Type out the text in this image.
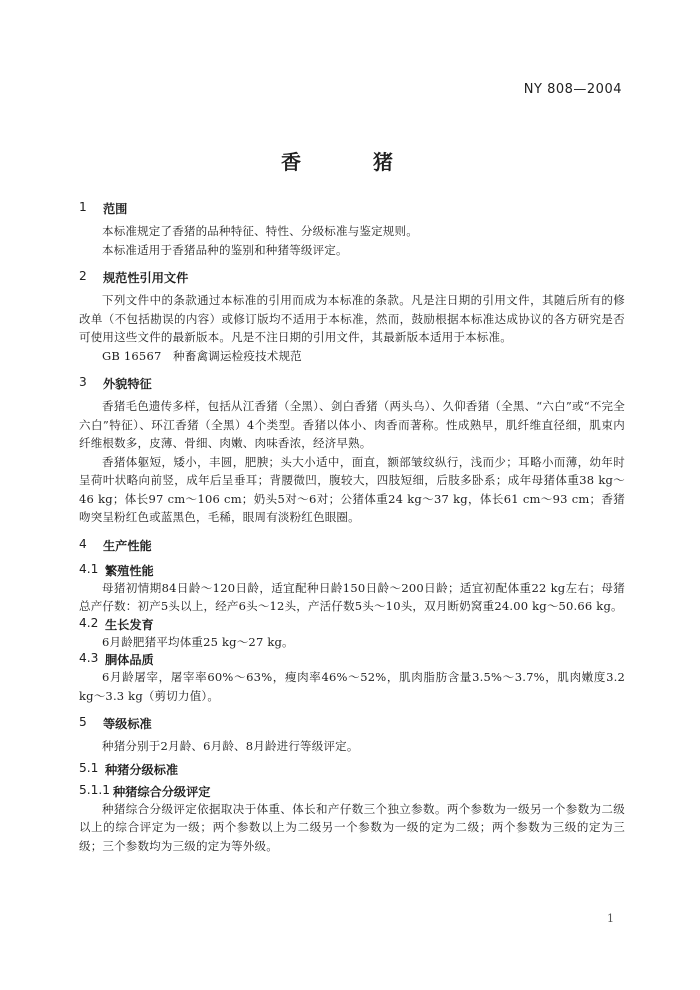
NY 808—2004
香　猪
1	范围

本标准规定了香猪的品种特征、特性、分级标准与鉴定规则。

本标准适用于香猪品种的鉴别和种猪等级评定。

2	规范性引用文件

下列文件中的条款通过本标准的引用而成为本标准的条款。凡是注日期的引用文件，其随后所有的修改单（不包括勘误的内容）或修订版均不适用于本标准，然而，鼓励根据本标准达成协议的各方研究是否可使用这些文件的最新版本。凡是不注日期的引用文件，其最新版本适用于本标准。

GB 16567　种畜禽调运检疫技术规范

3	外貌特征

香猪毛色遗传多样，包括从江香猪（全黑）、剑白香猪（两头乌）、久仰香猪（全黑、“六白”或“不完全六白”特征）、环江香猪（全黑）4个类型。香猪以体小、肉香而著称。性成熟早，肌纤维直径细，肌束内纤维根数多，皮薄、骨细、肉嫩、肉味香浓，经济早熟。

香猪体躯短，矮小，丰圆，肥腴；头大小适中，面直，额部皱纹纵行，浅而少；耳略小而薄，幼年时呈荷叶状略向前竖，成年后呈垂耳；背腰微凹，腹较大，四肢短细，后肢多卧系；成年母猪体重38 kg～46 kg；体长97 cm～106 cm；奶头5对～6对；公猪体重24 kg～37 kg，体长61 cm～93 cm；香猪吻突呈粉红色或蓝黑色，毛稀，眼周有淡粉红色眼圈。

4	生产性能
4.1 繁殖性能

母猪初情期84日龄～120日龄，适宜配种日龄150日龄～200日龄；适宜初配体重22 kg左右；母猪总产仔数：初产5头以上，经产6头～12头，产活仔数5头～10头，双月断奶窝重24.00 kg～50.66 kg。

4.2 生长发育

6月龄肥猪平均体重25 kg～27 kg。

4.3 胴体品质

6月龄屠宰，屠宰率60%～63%，瘦肉率46%～52%，肌肉脂肪含量3.5%～3.7%，肌肉嫩度3.2 kg～3.3 kg（剪切力值）。

5	等级标准

种猪分别于2月龄、6月龄、8月龄进行等级评定。

5.1 种猪分级标准
5.1.1 种猪综合分级评定

种猪综合分级评定依据取决于体重、体长和产仔数三个独立参数。两个参数为一级另一个参数为二级以上的综合评定为一级；两个参数以上为二级另一个参数为一级的定为二级；两个参数为三级的定为三级；三个参数均为三级的定为等外级。

1
